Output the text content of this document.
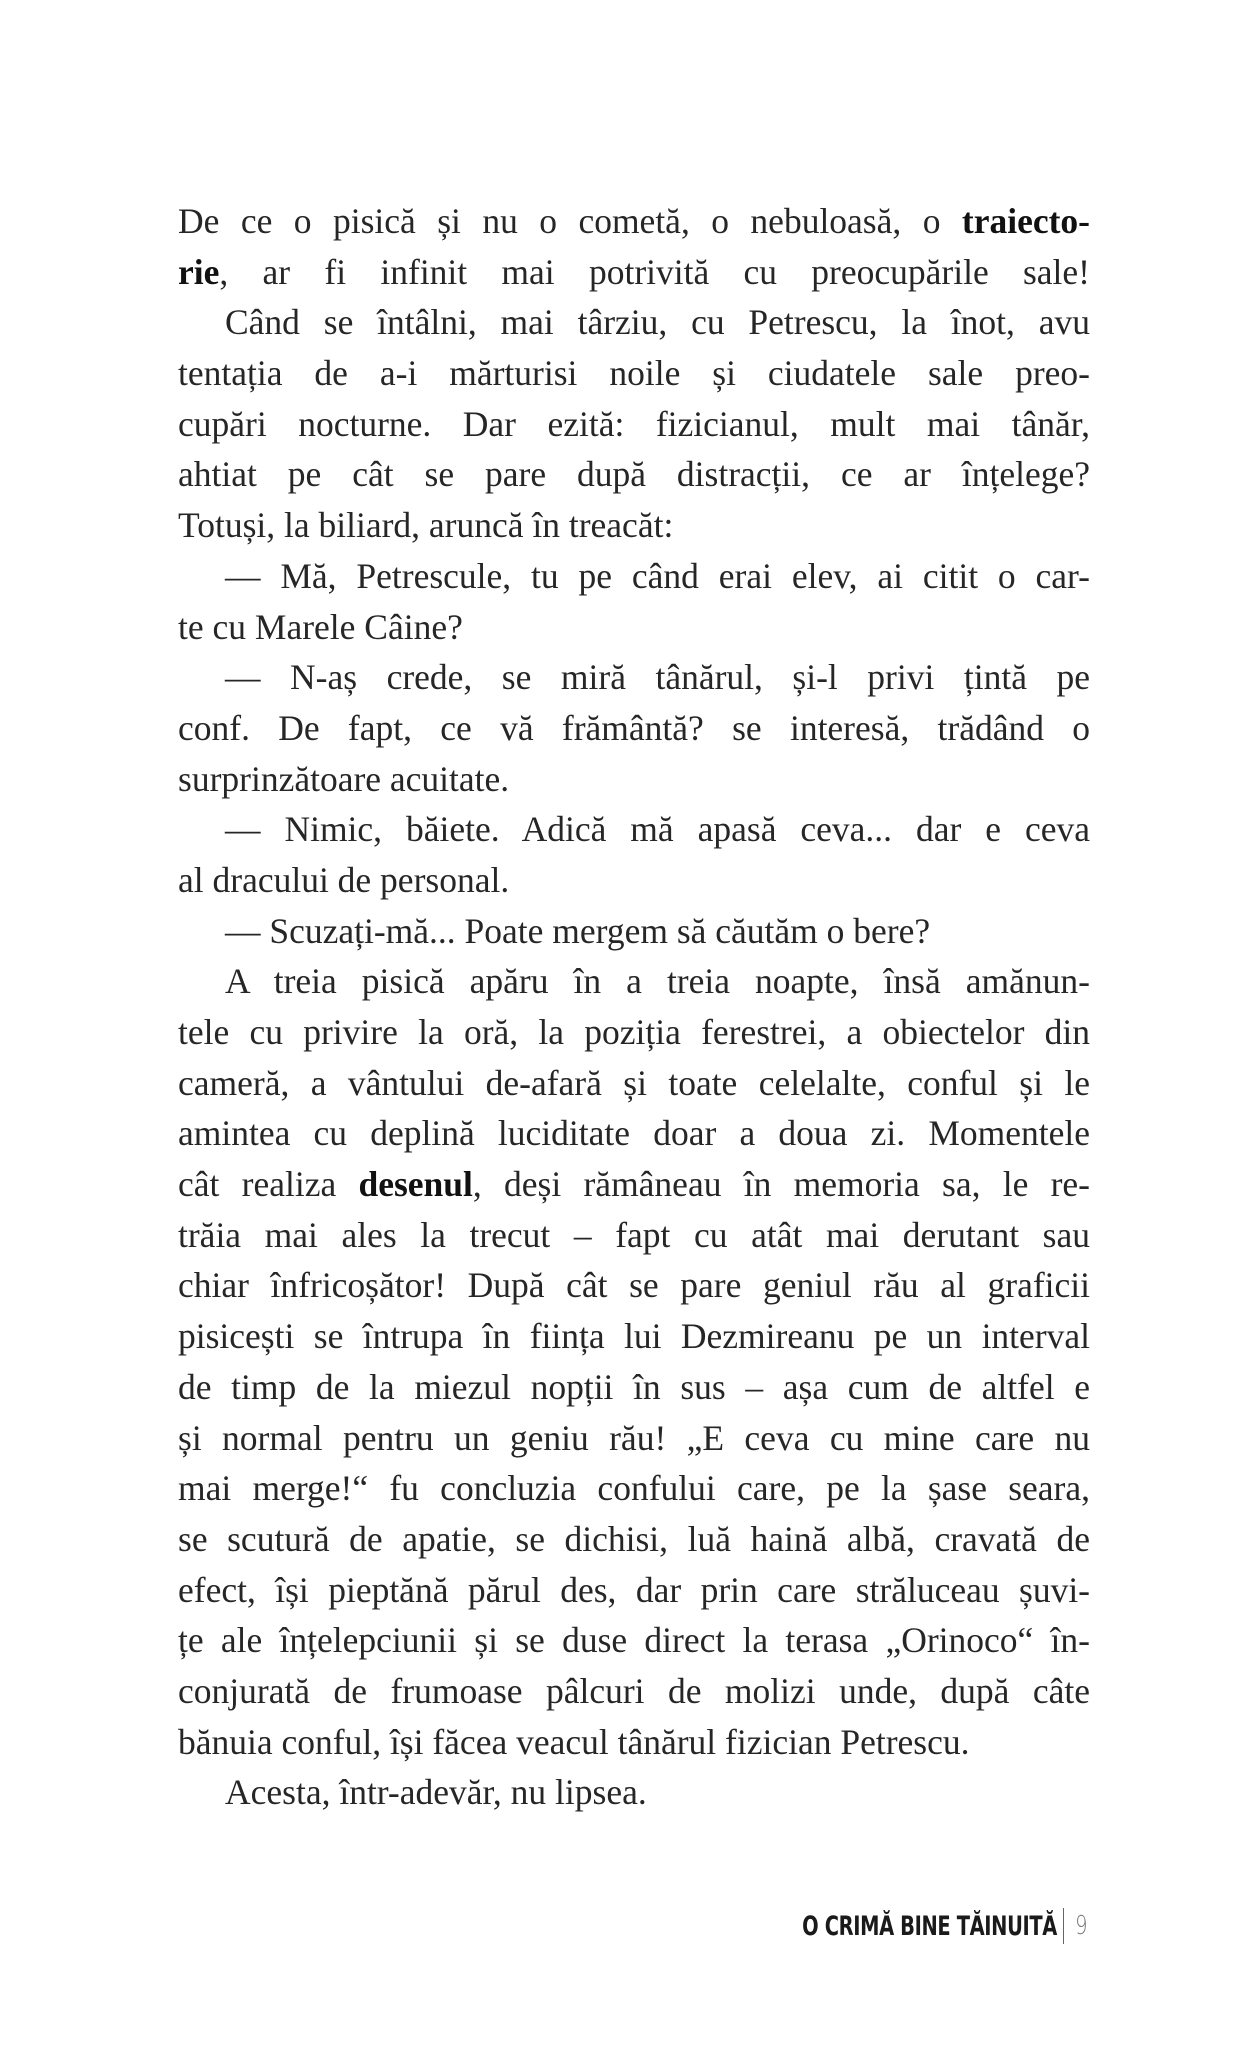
De ce o pisică și nu o cometă, o nebuloasă, o traiecto-
rie, ar fi infinit mai potrivită cu preocupările sale!
Când se întâlni, mai târziu, cu Petrescu, la înot, avu
tentația de a-i mărturisi noile și ciudatele sale preo-
cupări nocturne. Dar ezită: fizicianul, mult mai tânăr,
ahtiat pe cât se pare după distracții, ce ar înțelege?
Totuși, la biliard, aruncă în treacăt:
— Mă, Petrescule, tu pe când erai elev, ai citit o car-
te cu Marele Câine?
— N-aș crede, se miră tânărul, și-l privi țintă pe
conf. De fapt, ce vă frământă? se interesă, trădând o
surprinzătoare acuitate.
— Nimic, băiete. Adică mă apasă ceva... dar e ceva
al dracului de personal.
— Scuzați-mă... Poate mergem să căutăm o bere?
A treia pisică apăru în a treia noapte, însă amănun-
tele cu privire la oră, la poziția ferestrei, a obiectelor din
cameră, a vântului de-afară și toate celelalte, conful și le
amintea cu deplină luciditate doar a doua zi. Momentele
cât realiza desenul, deși rămâneau în memoria sa, le re-
trăia mai ales la trecut – fapt cu atât mai derutant sau
chiar înfricoșător! După cât se pare geniul rău al graficii
pisicești se întrupa în ființa lui Dezmireanu pe un interval
de timp de la miezul nopții în sus – așa cum de altfel e
și normal pentru un geniu rău! „E ceva cu mine care nu
mai merge!“ fu concluzia confului care, pe la șase seara,
se scutură de apatie, se dichisi, luă haină albă, cravată de
efect, își pieptănă părul des, dar prin care străluceau șuvi-
țe ale înțelepciunii și se duse direct la terasa „Orinoco“ în-
conjurată de frumoase pâlcuri de molizi unde, după câte
bănuia conful, își făcea veacul tânărul fizician Petrescu.
Acesta, într-adevăr, nu lipsea.
O CRIMĂ BINE TĂINUITĂ 9
